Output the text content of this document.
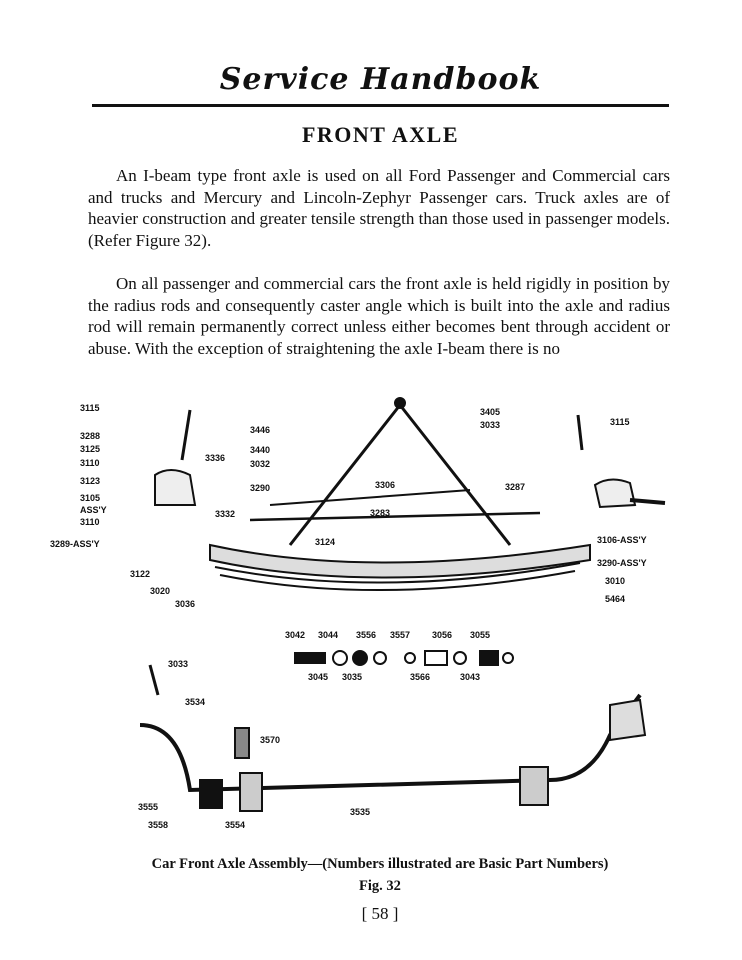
Service Handbook
FRONT AXLE
An I-beam type front axle is used on all Ford Passenger and Commercial cars and trucks and Mercury and Lincoln-Zephyr Passenger cars. Truck axles are of heavier construction and greater tensile strength than those used in passenger models. (Refer Figure 32).
On all passenger and commercial cars the front axle is held rigidly in position by the radius rods and consequently caster angle which is built into the axle and radius rod will remain permanently correct unless either becomes bent through accident or abuse. With the exception of straightening the axle I-beam there is no
3115
3288
3125
3110
3123
3105
ASS'Y
3110
3289-ASS'Y
3122
3020
3036
3446
3440
3032
3336
3290
3332
3306
3283
3124
3405
3033
3287
3115
3106-ASS'Y
3290-ASS'Y
3010
5464
3042 3044 3556 3557 3056 3055
3045 3035	3566	3043
3033
3534
3570
3555
3558	3554
3535
Car Front Axle Assembly—(Numbers illustrated are Basic Part Numbers)
Fig. 32
[ 58 ]
